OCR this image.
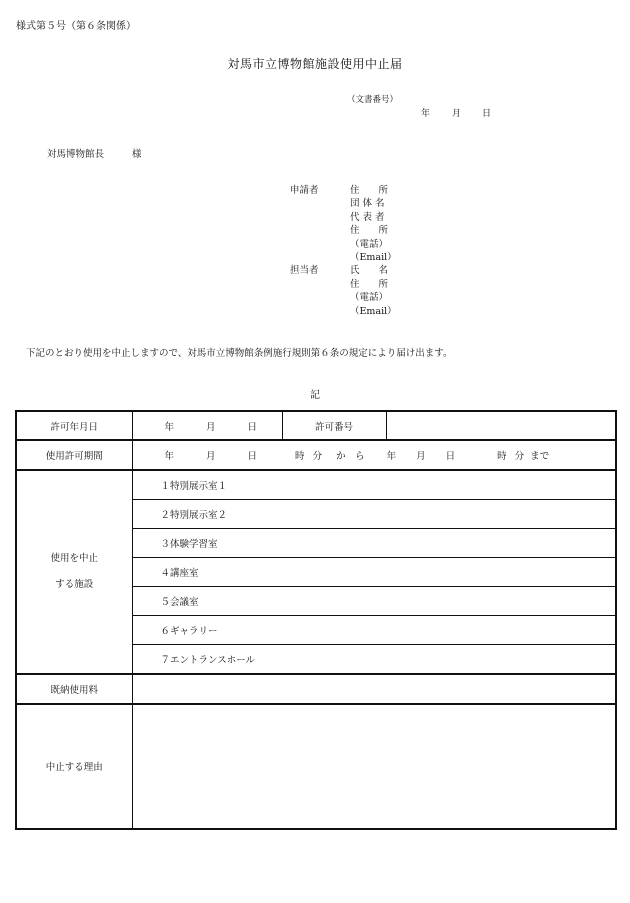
様式第５号（第６条関係）
対馬市立博物館施設使用中止届
（文書番号）
年 月 日
対馬博物館長	様
申請者	住　　所
団 体 名
代 表 者
住　　所
（電話）
（Email）
担当者	氏　　名
住　　所
（電話）
（Email）
下記のとおり使用を中止しますので、対馬市立博物館条例施行規則第６条の規定により届け出ます。
記
許可年月日	年 月 日	許可番号	
使用許可期間	年 月 日 時 分 か　ら 年 月 日 時 分 まで		

使用を中止
する施設	１特別展示室１		
	２特別展示室２		
	３体験学習室		
	４講座室		
	５会議室		
	６ギャラリー		
	７エントランスホール		
既納使用料			
中止する理由			
